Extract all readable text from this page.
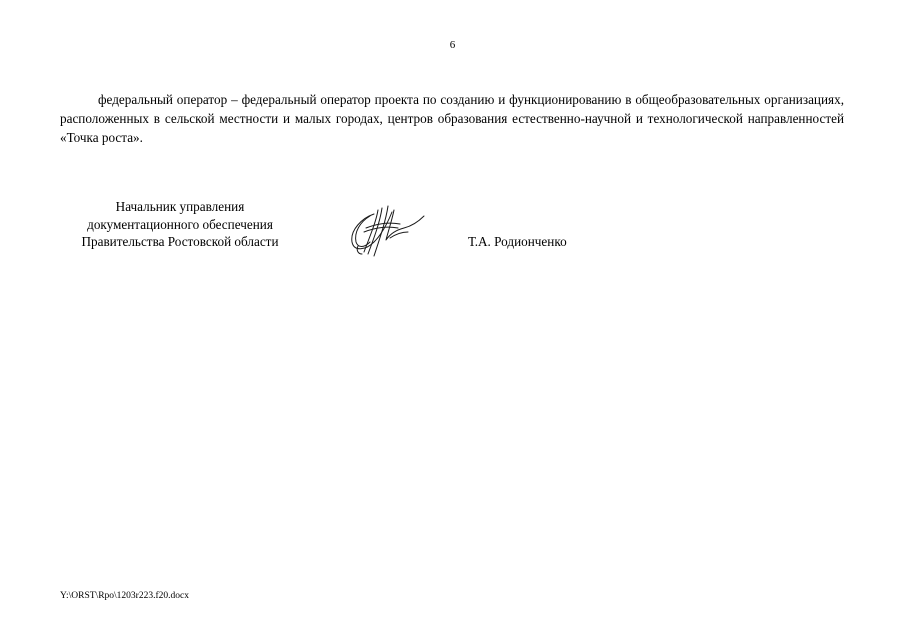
6

федеральный оператор – федеральный оператор проекта по созданию и функционированию в общеобразовательных организациях, расположенных в сельской местности и малых городах, центров образования естественно-научной и технологической направленностей «Точка роста».

Начальник управления
документационного обеспечения
Правительства Ростовской области	Т.А. Родионченко
Y:\ORST\Rpo\1203r223.f20.docx
